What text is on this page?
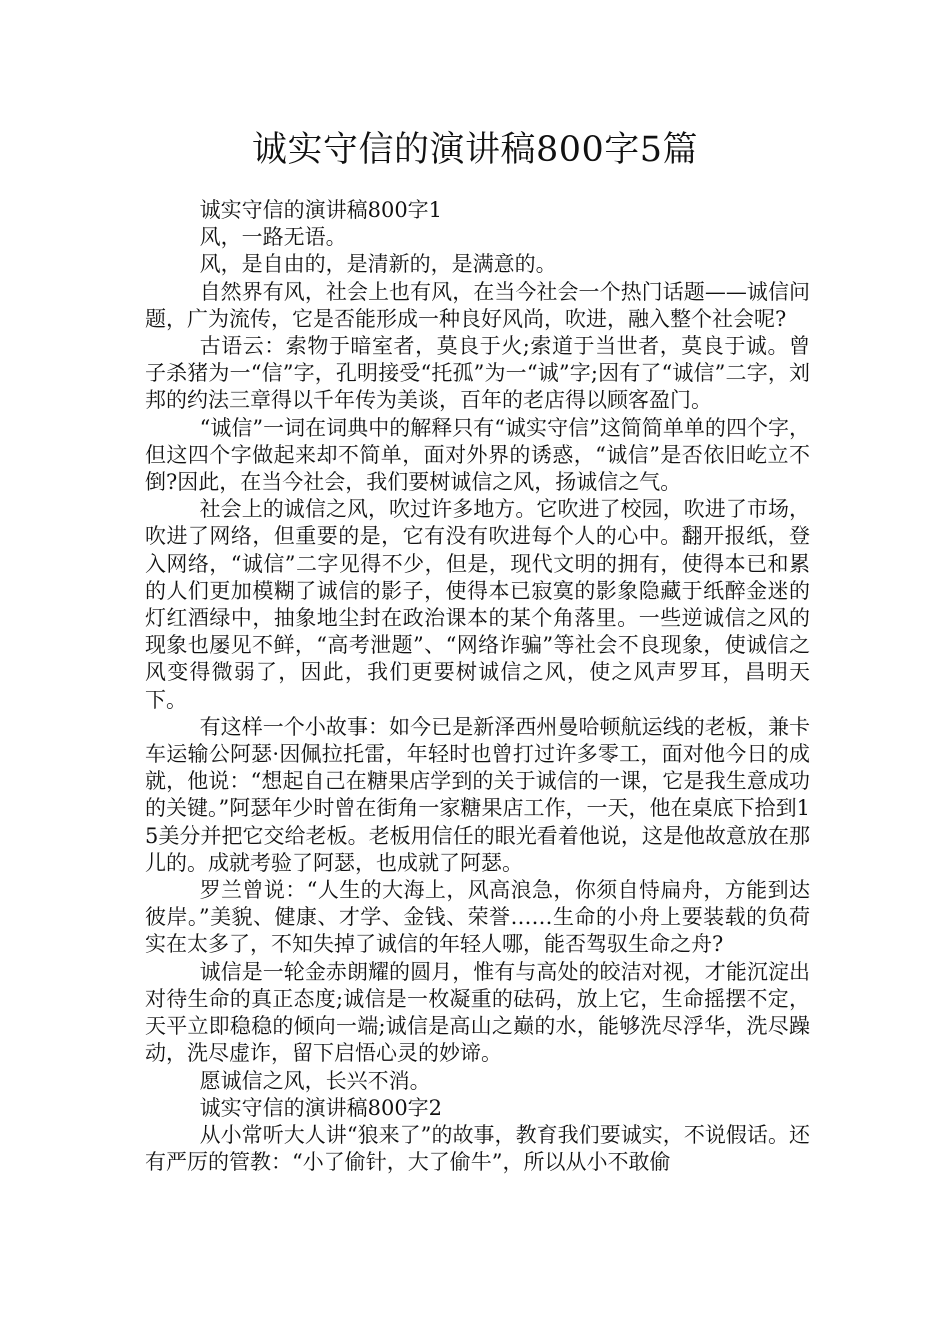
诚实守信的演讲稿800字5篇

诚实守信的演讲稿800字1

风，一路无语。

风，是自由的，是清新的，是满意的。

自然界有风，社会上也有风，在当今社会一个热门话题——诚信问题，广为流传，它是否能形成一种良好风尚，吹进，融入整个社会呢?

古语云：索物于暗室者，莫良于火;索道于当世者，莫良于诚。曾子杀猪为一“信”字，孔明接受“托孤”为一“诚”字;因有了“诚信”二字，刘邦的约法三章得以千年传为美谈，百年的老店得以顾客盈门。

“诚信”一词在词典中的解释只有“诚实守信”这简简单单的四个字，但这四个字做起来却不简单，面对外界的诱惑，“诚信”是否依旧屹立不倒?因此，在当今社会，我们要树诚信之风，扬诚信之气。

社会上的诚信之风，吹过许多地方。它吹进了校园，吹进了市场，吹进了网络，但重要的是，它有没有吹进每个人的心中。翻开报纸，登入网络，“诚信”二字见得不少，但是，现代文明的拥有，使得本已和累的人们更加模糊了诚信的影子，使得本已寂寞的影象隐藏于纸醉金迷的灯红酒绿中，抽象地尘封在政治课本的某个角落里。一些逆诚信之风的现象也屡见不鲜，“高考泄题”、“网络诈骗”等社会不良现象，使诚信之风变得微弱了，因此，我们更要树诚信之风，使之风声罗耳，昌明天下。

有这样一个小故事：如今已是新泽西州曼哈顿航运线的老板，兼卡车运输公阿瑟·因佩拉托雷，年轻时也曾打过许多零工，面对他今日的成就，他说：“想起自己在糖果店学到的关于诚信的一课，它是我生意成功的关键。”阿瑟年少时曾在街角一家糖果店工作，一天，他在桌底下拾到15美分并把它交给老板。老板用信任的眼光看着他说，这是他故意放在那儿的。成就考验了阿瑟，也成就了阿瑟。

罗兰曾说：“人生的大海上，风高浪急，你须自恃扁舟，方能到达彼岸。”美貌、健康、才学、金钱、荣誉……生命的小舟上要装载的负荷实在太多了，不知失掉了诚信的年轻人哪，能否驾驭生命之舟?

诚信是一轮金赤朗耀的圆月，惟有与高处的皎洁对视，才能沉淀出对待生命的真正态度;诚信是一枚凝重的砝码，放上它，生命摇摆不定，天平立即稳稳的倾向一端;诚信是高山之巅的水，能够洗尽浮华，洗尽躁动，洗尽虚诈，留下启悟心灵的妙谛。

愿诚信之风，长兴不消。

诚实守信的演讲稿800字2

从小常听大人讲“狼来了”的故事，教育我们要诚实，不说假话。还有严厉的管教：“小了偷针，大了偷牛”，所以从小不敢偷
